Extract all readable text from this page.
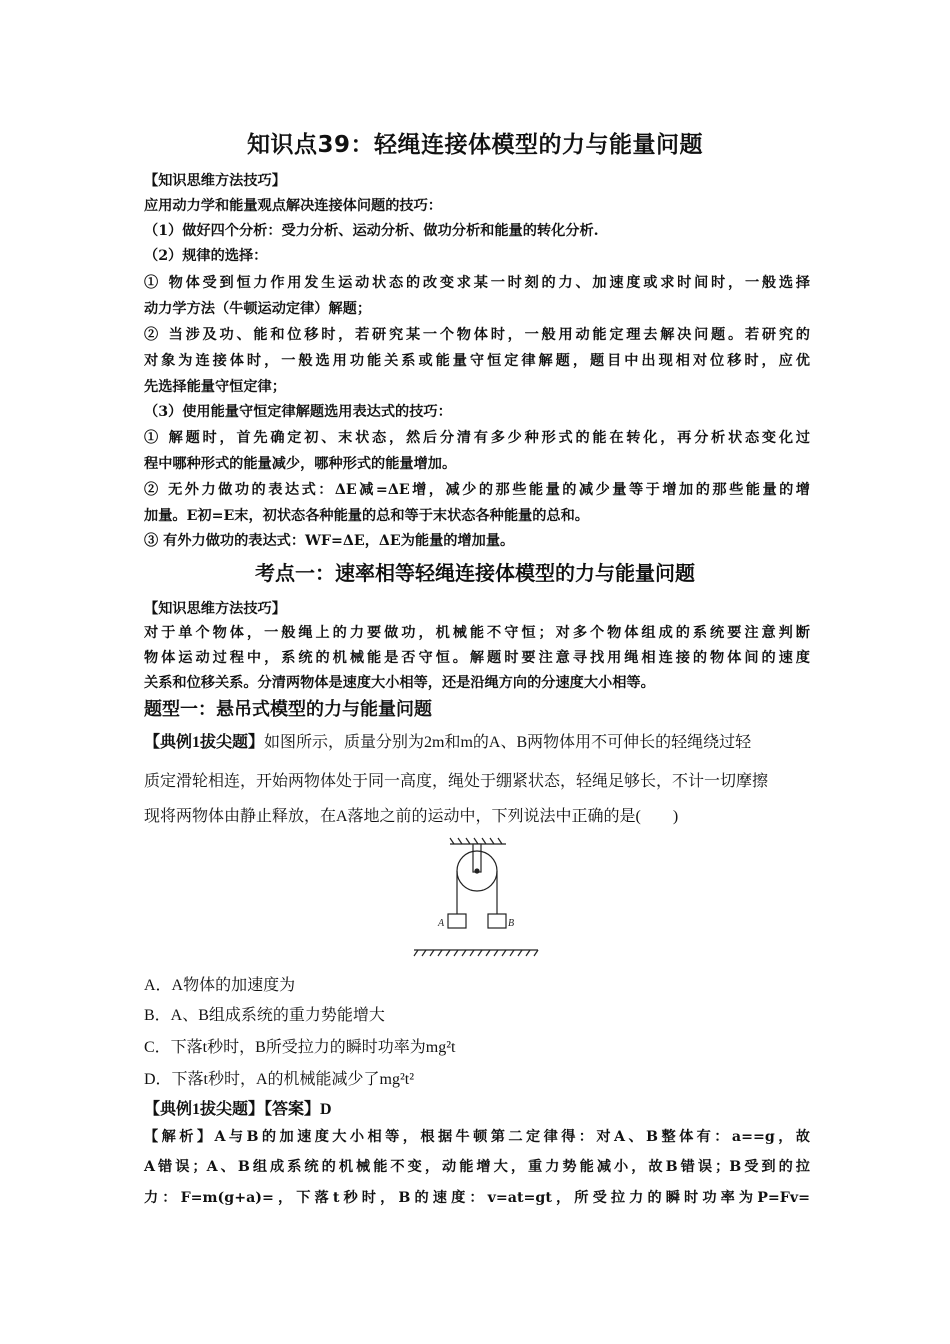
知识点39：轻绳连接体模型的力与能量问题
【知识思维方法技巧】
应用动力学和能量观点解决连接体问题的技巧：
（1）做好四个分析：受力分析、运动分析、做功分析和能量的转化分析.
（2）规律的选择：
① 物体受到恒力作用发生运动状态的改变求某一时刻的力、加速度或求时间时，一般选择
动力学方法（牛顿运动定律）解题；
② 当涉及功、能和位移时，若研究某一个物体时，一般用动能定理去解决问题。若研究的
对象为连接体时，一般选用功能关系或能量守恒定律解题，题目中出现相对位移时，应优
先选择能量守恒定律；
（3）使用能量守恒定律解题选用表达式的技巧：
① 解题时，首先确定初、末状态，然后分清有多少种形式的能在转化，再分析状态变化过
程中哪种形式的能量减少，哪种形式的能量增加。
② 无外力做功的表达式：ΔE减=ΔE增，减少的那些能量的减少量等于增加的那些能量的增
加量。E初=E末，初状态各种能量的总和等于末状态各种能量的总和。
③ 有外力做功的表达式：WF=ΔE，ΔE为能量的增加量。
考点一：速率相等轻绳连接体模型的力与能量问题
【知识思维方法技巧】
对于单个物体，一般绳上的力要做功，机械能不守恒；对多个物体组成的系统要注意判断
物体运动过程中，系统的机械能是否守恒。解题时要注意寻找用绳相连接的物体间的速度
关系和位移关系。分清两物体是速度大小相等，还是沿绳方向的分速度大小相等。
题型一：悬吊式模型的力与能量问题
【典例1拔尖题】如图所示，质量分别为2m和m的A、B两物体用不可伸长的轻绳绕过轻
质定滑轮相连，开始两物体处于同一高度，绳处于绷紧状态，轻绳足够长，不计一切摩擦
现将两物体由静止释放，在A落地之前的运动中，下列说法中正确的是(　　)
A	B
A．A物体的加速度为
B．A、B组成系统的重力势能增大
C．下落t秒时，B所受拉力的瞬时功率为mg²t
D．下落t秒时，A的机械能减少了mg²t²
【典例1拔尖题】【答案】D
【解析】A与B的加速度大小相等，根据牛顿第二定律得：对A、B整体有：a==g，故
A错误；A、B组成系统的机械能不变，动能增大，重力势能减小，故B错误；B受到的拉
力：F=m(g+a)=，下落t秒时，B的速度：v=at=gt，所受拉力的瞬时功率为P=Fv=
